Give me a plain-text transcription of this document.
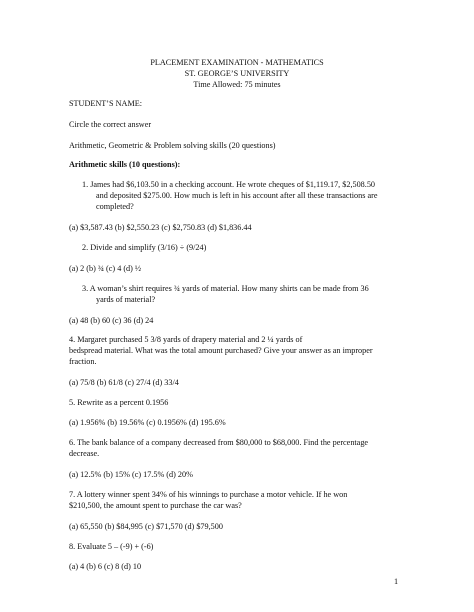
PLACEMENT EXAMINATION - MATHEMATICS

ST. GEORGE’S UNIVERSITY

Time Allowed: 75 minutes

STUDENT’S NAME:

Circle the correct answer

Arithmetic, Geometric & Problem solving skills (20 questions)

Arithmetic skills (10 questions):

1. James had $6,103.50 in a checking account. He wrote cheques of $1,119.17, $2,508.50

and deposited $275.00. How much is left in his account after all these transactions are

completed?

(a) $3,587.43 (b) $2,550.23 (c) $2,750.83 (d) $1,836.44

2. Divide and simplify (3/16) ÷ (9/24)

(a) 2 (b) ¾ (c) 4 (d) ½

3. A woman’s shirt requires ¾ yards of material. How many shirts can be made from 36

yards of material?

(a) 48 (b) 60 (c) 36 (d) 24

4. Margaret purchased 5 3/8 yards of drapery material and 2 ¼ yards of

bedspread material. What was the total amount purchased? Give your answer as an improper

fraction.

(a) 75/8 (b) 61/8 (c) 27/4 (d) 33/4

5. Rewrite as a percent 0.1956

(a) 1.956% (b) 19.56% (c) 0.1956% (d) 195.6%

6. The bank balance of a company decreased from $80,000 to $68,000. Find the percentage

decrease.

(a) 12.5% (b) 15% (c) 17.5% (d) 20%

7. A lottery winner spent 34% of his winnings to purchase a motor vehicle. If he won

$210,500, the amount spent to purchase the car was?

(a) 65,550 (b) $84,995 (c) $71,570 (d) $79,500

8. Evaluate 5 – (-9) + (-6)

(a) 4 (b) 6 (c) 8 (d) 10

1
